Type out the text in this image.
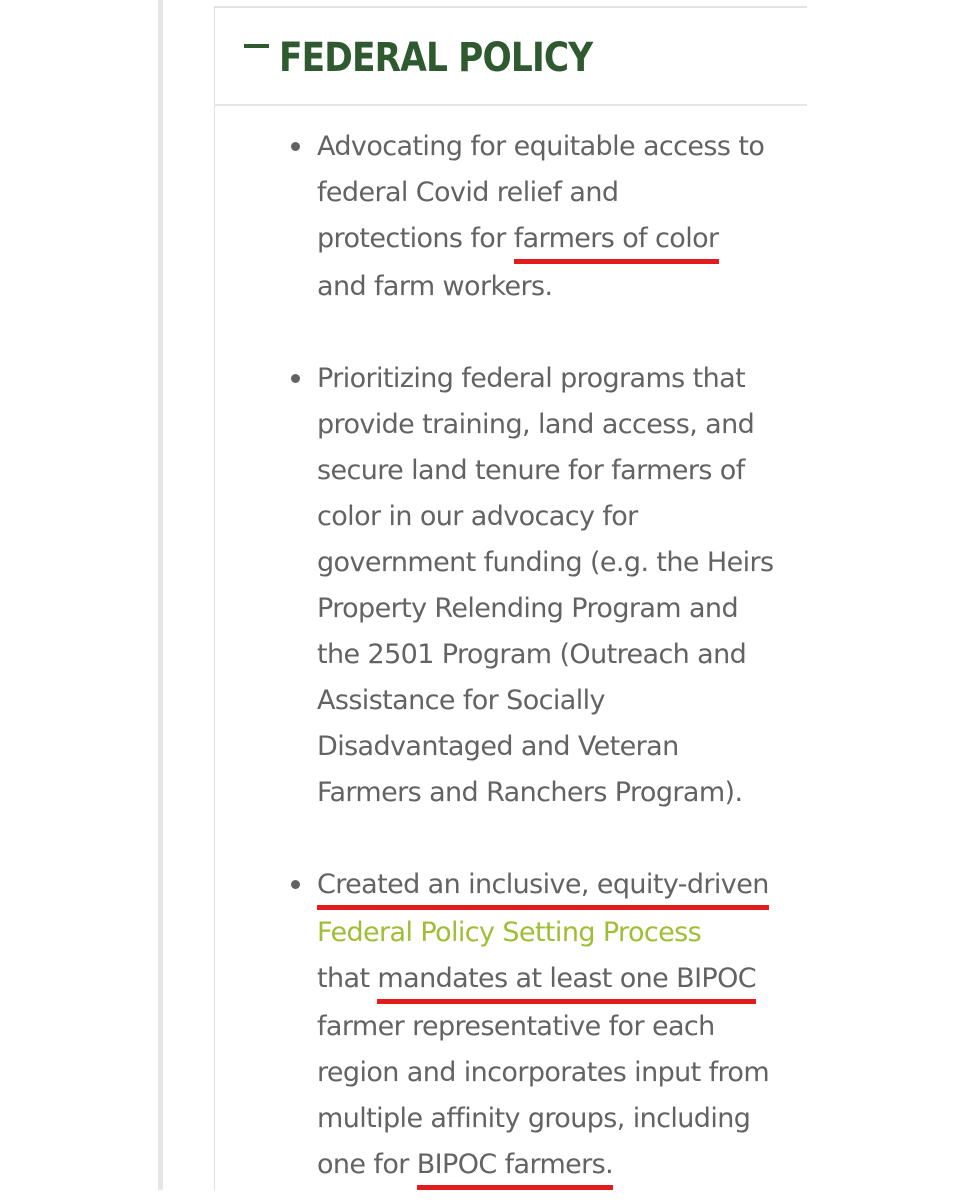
FEDERAL POLICY
Advocating for equitable access to
federal Covid relief and
protections for farmers of color
and farm workers.
Prioritizing federal programs that
provide training, land access, and
secure land tenure for farmers of
color in our advocacy for
government funding (e.g. the Heirs
Property Relending Program and
the 2501 Program (Outreach and
Assistance for Socially
Disadvantaged and Veteran
Farmers and Ranchers Program).
Created an inclusive, equity-driven
Federal Policy Setting Process
that mandates at least one BIPOC
farmer representative for each
region and incorporates input from
multiple affinity groups, including
one for BIPOC farmers.
